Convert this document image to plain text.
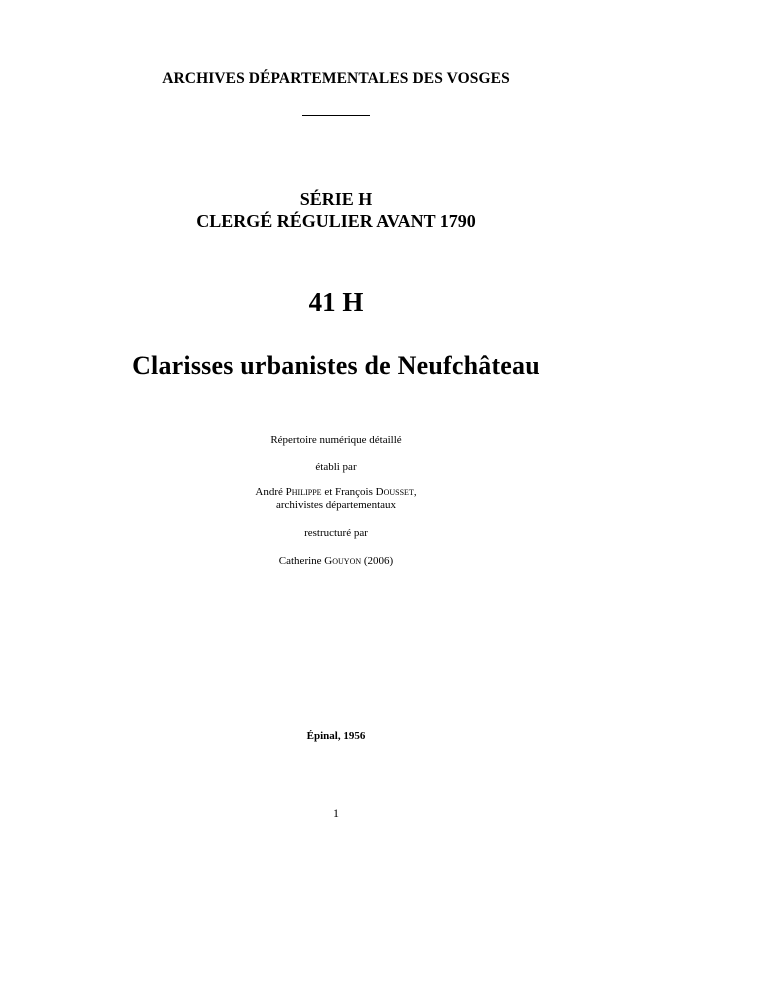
ARCHIVES DÉPARTEMENTALES DES VOSGES
SÉRIE H
CLERGÉ RÉGULIER AVANT 1790
41 H
Clarisses urbanistes de Neufchâteau
Répertoire numérique détaillé
établi par
André Philippe et François Dousset,
archivistes départementaux
restructuré par
Catherine Gouyon (2006)
Épinal, 1956
1
